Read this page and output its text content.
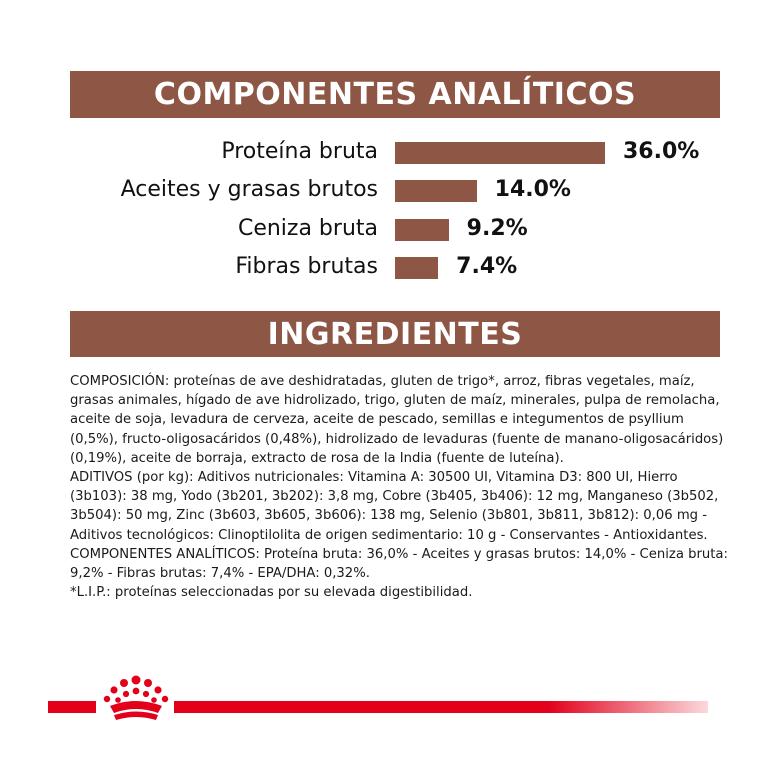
COMPONENTES ANALÍTICOS
Proteína bruta	36.0%
Aceites y grasas brutos	14.0%
Ceniza bruta	9.2%
Fibras brutas	7.4%
INGREDIENTES

COMPOSICIÓN: proteínas de ave deshidratadas, gluten de trigo*, arroz, fibras vegetales, maíz, grasas animales, hígado de ave hidrolizado, trigo, gluten de maíz, minerales, pulpa de remolacha, aceite de soja, levadura de cerveza, aceite de pescado, semillas e integumentos de psyllium (0,5%), fructo-oligosacáridos (0,48%), hidrolizado de levaduras (fuente de manano-oligosacáridos) (0,19%), aceite de borraja, extracto de rosa de la India (fuente de luteína).

ADITIVOS (por kg): Aditivos nutricionales: Vitamina A: 30500 UI, Vitamina D3: 800 UI, Hierro (3b103): 38 mg, Yodo (3b201, 3b202): 3,8 mg, Cobre (3b405, 3b406): 12 mg, Manganeso (3b502, 3b504): 50 mg, Zinc (3b603, 3b605, 3b606): 138 mg, Selenio (3b801, 3b811, 3b812): 0,06 mg - Aditivos tecnológicos: Clinoptilolita de origen sedimentario: 10 g - Conservantes - Antioxidantes.

COMPONENTES ANALÍTICOS: Proteína bruta: 36,0% - Aceites y grasas brutos: 14,0% - Ceniza bruta: 9,2% - Fibras brutas: 7,4% - EPA/DHA: 0,32%.

*L.I.P.: proteínas seleccionadas por su elevada digestibilidad.
